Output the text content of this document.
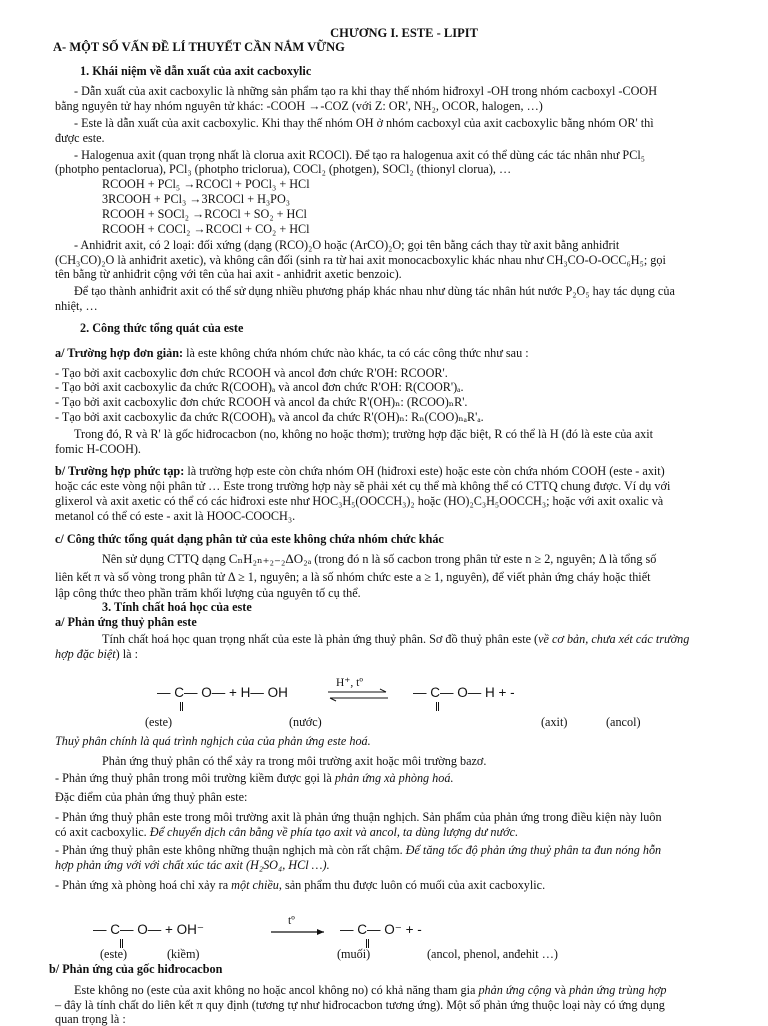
CHƯƠNG I. ESTE - LIPIT
A- MỘT SỐ VẤN ĐỀ LÍ THUYẾT CẦN NẮM VỮNG
1. Khái niệm về dẫn xuất của axit cacboxylic
- Dẫn xuất của axit cacboxylic là những sản phẩm tạo ra khi thay thế nhóm hiđroxyl -OH trong nhóm cacboxyl -COOH
bằng nguyên tử hay nhóm nguyên tử khác: -COOH →-COZ (với Z: OR', NH₂, OCOR, halogen, …)
- Este là dẫn xuất của axit cacboxylic. Khi thay thế nhóm OH ở nhóm cacboxyl của axit cacboxylic bằng nhóm OR' thì
được este.
- Halogenua axit (quan trọng nhất là clorua axit RCOCl). Để tạo ra halogenua axit có thể dùng các tác nhân như PCl₅
(photpho pentaclorua), PCl₃ (photpho triclorua), COCl₂ (photgen), SOCl₂ (thionyl clorua), …
RCOOH + PCl₅ →RCOCl + POCl₃ + HCl
3RCOOH + PCl₃ →3RCOCl + H₃PO₃
RCOOH + SOCl₂ →RCOCl + SO₂ + HCl
RCOOH + COCl₂ →RCOCl + CO₂ + HCl
- Anhiđrit axit, có 2 loại: đối xứng (dạng (RCO)₂O hoặc (ArCO)₂O; gọi tên bằng cách thay từ axit bằng anhiđrit
(CH₃CO)₂O là anhiđrit axetic), và không cân đối (sinh ra từ hai axit monocacboxylic khác nhau như CH₃CO-O-OCC₆H₅; gọi
tên bằng từ anhiđrit cộng với tên của hai axit - anhiđrit axetic benzoic).
Để tạo thành anhiđrit axit có thể sử dụng nhiều phương pháp khác nhau như dùng tác nhân hút nước P₂O₅ hay tác dụng của
nhiệt, …
2. Công thức tổng quát của este
a/ Trường hợp đơn giản: là este không chứa nhóm chức nào khác, ta có các công thức như sau :
- Tạo bởi axit cacboxylic đơn chức RCOOH và ancol đơn chức R'OH: RCOOR'.
- Tạo bởi axit cacboxylic đa chức R(COOH)ₐ và ancol đơn chức R'OH: R(COOR')ₐ.
- Tạo bởi axit cacboxylic đơn chức RCOOH và ancol đa chức R'(OH)ₙ: (RCOO)ₙR'.
- Tạo bởi axit cacboxylic đa chức R(COOH)ₐ và ancol đa chức R'(OH)ₙ: Rₙ(COO)ₙₐR'ₐ.
Trong đó, R và R' là gốc hiđrocacbon (no, không no hoặc thơm); trường hợp đặc biệt, R có thể là H (đó là este của axit
fomic H-COOH).
b/ Trường hợp phức tạp: là trường hợp este còn chứa nhóm OH (hiđroxi este) hoặc este còn chứa nhóm COOH (este - axit)
hoặc các este vòng nội phân tử … Este trong trường hợp này sẽ phải xét cụ thể mà không thể có CTTQ chung được. Ví dụ với
glixerol và axit axetic có thể có các hiđroxi este như HOC₃H₅(OOCCH₃)₂ hoặc (HO)₂C₃H₅OOCCH₃; hoặc với axit oxalic và
metanol có thể có este - axit là HOOC-COOCH₃.
c/ Công thức tổng quát dạng phân tử của este không chứa nhóm chức khác
Nên sử dụng CTTQ dạng CₙH₂ₙ₊₂₋₂ΔO₂ₐ (trong đó n là số cacbon trong phân tử este n ≥ 2, nguyên; Δ là tổng số
liên kết π và số vòng trong phân tử Δ ≥ 1, nguyên; a là số nhóm chức este a ≥ 1, nguyên), để viết phản ứng cháy hoặc thiết
lập công thức theo phần trăm khối lượng của nguyên tố cụ thể.
3. Tính chất hoá học của este
a/ Phản ứng thuỷ phân este
Tính chất hoá học quan trọng nhất của este là phản ứng thuỷ phân. Sơ đồ thuỷ phân este (về cơ bản, chưa xét các trường
hợp đặc biệt) là :
— C— O— + H— OH
H⁺, tº
⇌ — C— O— H + -
(este)	(nước)	(axit)	(ancol)
Thuỷ phân chính là quá trình nghịch của của phản ứng este hoá.
Phản ứng thuỷ phân có thể xảy ra trong môi trường axit hoặc môi trường bazơ.
- Phản ứng thuỷ phân trong môi trường kiềm được gọi là phản ứng xà phòng hoá.
Đặc điểm của phản ứng thuỷ phân este:
- Phản ứng thuỷ phân este trong môi trường axit là phản ứng thuận nghịch. Sản phẩm của phản ứng trong điều kiện này luôn
có axit cacboxylic. Để chuyển dịch cân bằng về phía tạo axit và ancol, ta dùng lượng dư nước.
- Phản ứng thuỷ phân este không những thuận nghịch mà còn rất chậm. Để tăng tốc độ phản ứng thuỷ phân ta đun nóng hỗn
hợp phản ứng với với chất xúc tác axit (H₂SO₄, HCl …).
- Phản ứng xà phòng hoá chỉ xảy ra một chiều, sản phẩm thu được luôn có muối của axit cacboxylic.
— C— O— + OH⁻
tº
— C— O⁻ + -
(este)	(kiềm)	(muối)	(ancol, phenol, anđehit …)
b/ Phản ứng của gốc hiđrocacbon
Este không no (este của axit không no hoặc ancol không no) có khả năng tham gia phản ứng cộng và phản ứng trùng hợp
– đây là tính chất do liên kết π quy định (tương tự như hiđrocacbon tương ứng). Một số phản ứng thuộc loại này có ứng dụng
quan trọng là :
